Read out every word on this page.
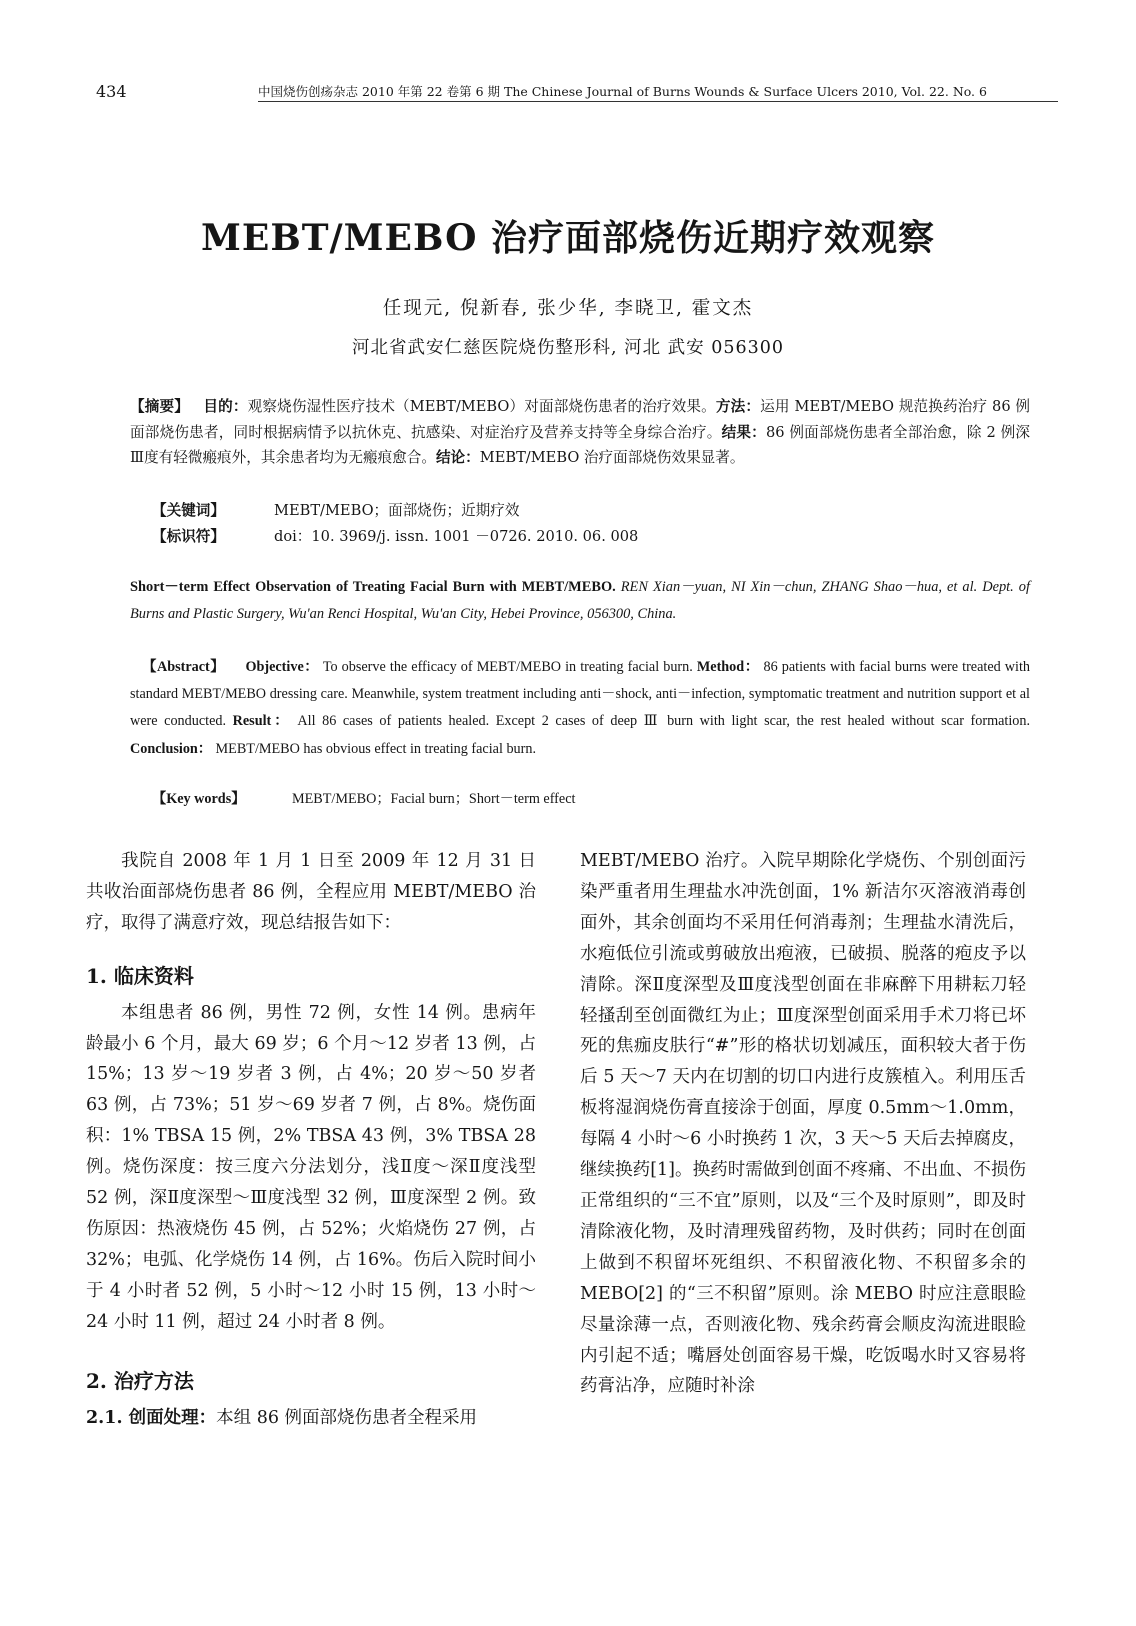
434	中国烧伤创疡杂志 2010 年第 22 卷第 6 期 The Chinese Journal of Burns Wounds & Surface Ulcers 2010, Vol. 22. No. 6
MEBT/MEBO 治疗面部烧伤近期疗效观察
任现元, 倪新春, 张少华, 李晓卫, 霍文杰
河北省武安仁慈医院烧伤整形科, 河北 武安 056300
【摘要】 目的：观察烧伤湿性医疗技术（MEBT/MEBO）对面部烧伤患者的治疗效果。方法：运用 MEBT/MEBO 规范换药治疗 86 例面部烧伤患者，同时根据病情予以抗休克、抗感染、对症治疗及营养支持等全身综合治疗。结果：86 例面部烧伤患者全部治愈，除 2 例深Ⅲ度有轻微瘢痕外，其余患者均为无瘢痕愈合。结论：MEBT/MEBO 治疗面部烧伤效果显著。
【关键词】	MEBT/MEBO；面部烧伤；近期疗效
【标识符】	doi：10. 3969/j. issn. 1001 －0726. 2010. 06. 008
Short－term Effect Observation of Treating Facial Burn with MEBT/MEBO. REN Xian－yuan, NI Xin－chun, ZHANG Shao－hua, et al. Dept. of Burns and Plastic Surgery, Wu'an Renci Hospital, Wu'an City, Hebei Province, 056300, China.
【Abstract】 Objective： To observe the efficacy of MEBT/MEBO in treating facial burn. Method： 86 patients with facial burns were treated with standard MEBT/MEBO dressing care. Meanwhile, system treatment including anti－shock, anti－infection, symptomatic treatment and nutrition support et al were conducted. Result： All 86 cases of patients healed. Except 2 cases of deep Ⅲ burn with light scar, the rest healed without scar formation. Conclusion： MEBT/MEBO has obvious effect in treating facial burn.
【Key words】	MEBT/MEBO；Facial burn；Short－term effect

我院自 2008 年 1 月 1 日至 2009 年 12 月 31 日共收治面部烧伤患者 86 例，全程应用 MEBT/MEBO 治疗，取得了满意疗效，现总结报告如下：

1. 临床资料

本组患者 86 例，男性 72 例，女性 14 例。患病年龄最小 6 个月，最大 69 岁；6 个月～12 岁者 13 例，占 15%；13 岁～19 岁者 3 例，占 4%；20 岁～50 岁者 63 例，占 73%；51 岁～69 岁者 7 例，占 8%。烧伤面积：1% TBSA 15 例，2% TBSA 43 例，3% TBSA 28 例。烧伤深度：按三度六分法划分，浅Ⅱ度～深Ⅱ度浅型 52 例，深Ⅱ度深型～Ⅲ度浅型 32 例，Ⅲ度深型 2 例。致伤原因：热液烧伤 45 例，占 52%；火焰烧伤 27 例，占 32%；电弧、化学烧伤 14 例，占 16%。伤后入院时间小于 4 小时者 52 例，5 小时～12 小时 15 例，13 小时～24 小时 11 例，超过 24 小时者 8 例。

2. 治疗方法

2.1. 创面处理：本组 86 例面部烧伤患者全程采用

MEBT/MEBO 治疗。入院早期除化学烧伤、个别创面污染严重者用生理盐水冲洗创面，1% 新洁尔灭溶液消毒创面外，其余创面均不采用任何消毒剂；生理盐水清洗后，水疱低位引流或剪破放出疱液，已破损、脱落的疱皮予以清除。深Ⅱ度深型及Ⅲ度浅型创面在非麻醉下用耕耘刀轻轻搔刮至创面微红为止；Ⅲ度深型创面采用手术刀将已坏死的焦痂皮肤行“#”形的格状切划减压，面积较大者于伤后 5 天～7 天内在切割的切口内进行皮簇植入。利用压舌板将湿润烧伤膏直接涂于创面，厚度 0.5mm～1.0mm，每隔 4 小时～6 小时换药 1 次，3 天～5 天后去掉腐皮，继续换药[1]。换药时需做到创面不疼痛、不出血、不损伤正常组织的“三不宜”原则，以及“三个及时原则”，即及时清除液化物，及时清理残留药物，及时供药；同时在创面上做到不积留坏死组织、不积留液化物、不积留多余的 MEBO[2] 的“三不积留”原则。涂 MEBO 时应注意眼睑尽量涂薄一点，否则液化物、残余药膏会顺皮沟流进眼睑内引起不适；嘴唇处创面容易干燥，吃饭喝水时又容易将药膏沾净，应随时补涂
